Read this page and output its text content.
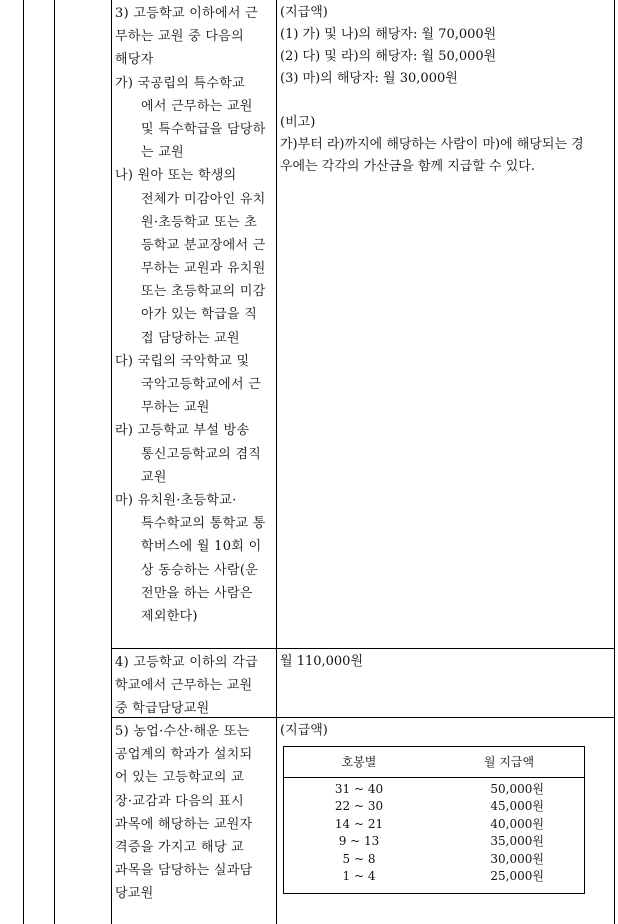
3) 고등학교 이하에서 근
무하는 교원 중 다음의
해당자
가) 국공립의 특수학교
에서 근무하는 교원
및 특수학급을 담당하
는 교원
나) 원아 또는 학생의
전체가 미감아인 유치
원·초등학교 또는 초
등학교 분교장에서 근
무하는 교원과 유치원
또는 초등학교의 미감
아가 있는 학급을 직
접 담당하는 교원
다) 국립의 국악학교 및
국악고등학교에서 근
무하는 교원
라) 고등학교 부설 방송
통신고등학교의 겸직
교원
마) 유치원·초등학교·
특수학교의 통학교 통
학버스에 월 10회 이
상 동승하는 사람(운
전만을 하는 사람은
제외한다)
(지급액)
(1) 가) 및 나)의 해당자: 월 70,000원
(2) 다) 및 라)의 해당자: 월 50,000원
(3) 마)의 해당자: 월 30,000원
(비고)
가)부터 라)까지에 해당하는 사람이 마)에 해당되는 경
우에는 각각의 가산금을 함께 지급할 수 있다.
4) 고등학교 이하의 각급
학교에서 근무하는 교원
중 학급담당교원
월 110,000원
5) 농업·수산·해운 또는
공업계의 학과가 설치되
어 있는 고등학교의 교
장·교감과 다음의 표시
과목에 해당하는 교원자
격증을 가지고 해당 교
과목을 담당하는 실과담
당교원
(지급액)
호봉별	월 지급액
31 ~ 40	50,000원
22 ~ 30	45,000원
14 ~ 21	40,000원
9 ~ 13	35,000원
5 ~ 8	30,000원
1 ~ 4	25,000원
